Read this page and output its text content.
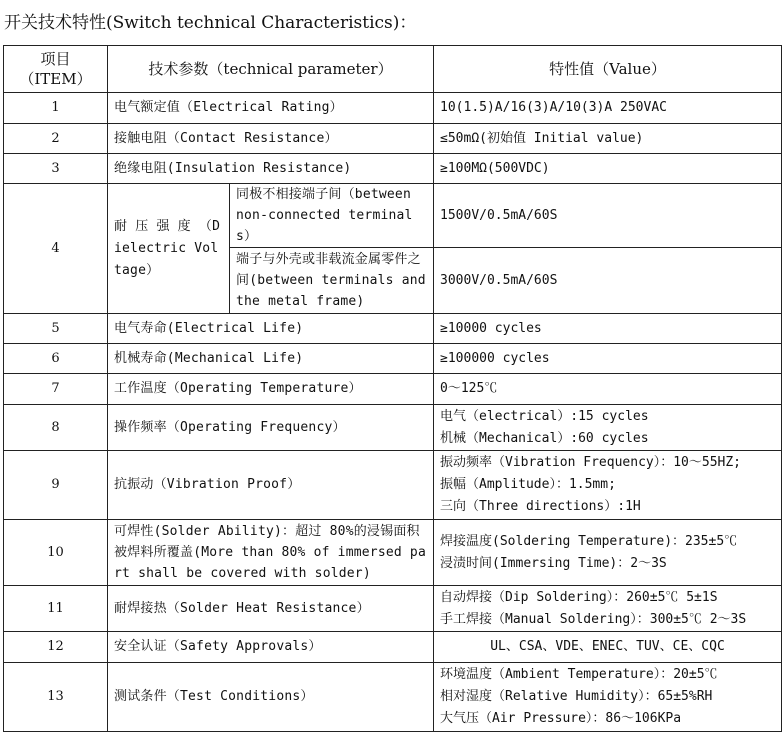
开关技术特性(Switch technical Characteristics)：
项目
（ITEM）	技术参数（technical parameter）		特性值（Value）
1	电气额定值（Electrical Rating）		10(1.5)A/16(3)A/10(3)A 250VAC

2	接触电阻（Contact Resistance）		≤50mΩ(初始值 Initial value)

3	绝缘电阻(Insulation Resistance)		≥100MΩ(500VDC)

4	耐 压 强 度 （Dielectric Voltage）	同极不相接端子间（between non-connected terminals）	1500V/0.5mA/60S

		端子与外壳或非载流金属零件之间(between terminals and the metal frame)	3000V/0.5mA/60S

5	电气寿命(Electrical Life)		≥10000 cycles

6	机械寿命(Mechanical Life)		≥100000 cycles

7	工作温度（Operating Temperature）		0～125℃

8	操作频率（Operating Frequency）		电气（electrical）:15 cycles
机械（Mechanical）:60 cycles

9	抗振动（Vibration Proof）		振动频率（Vibration Frequency）：10～55HZ;
振幅（Amplitude）：1.5mm;
三向（Three directions）:1H

10	可焊性(Solder Ability)：超过 80%的浸锡面积被焊料所覆盖(More than 80% of immersed part shall be covered with solder)		焊接温度(Soldering Temperature)：235±5℃
浸渍时间(Immersing Time)：2～3S

11	耐焊接热（Solder Heat Resistance）		自动焊接（Dip Soldering）：260±5℃ 5±1S
手工焊接（Manual Soldering）：300±5℃ 2～3S

12	安全认证（Safety Approvals）		UL、CSA、VDE、ENEC、TUV、CE、CQC

13	测试条件（Test Conditions）		环境温度（Ambient Temperature）：20±5℃
相对湿度（Relative Humidity）：65±5%RH
大气压（Air Pressure）：86～106KPa
